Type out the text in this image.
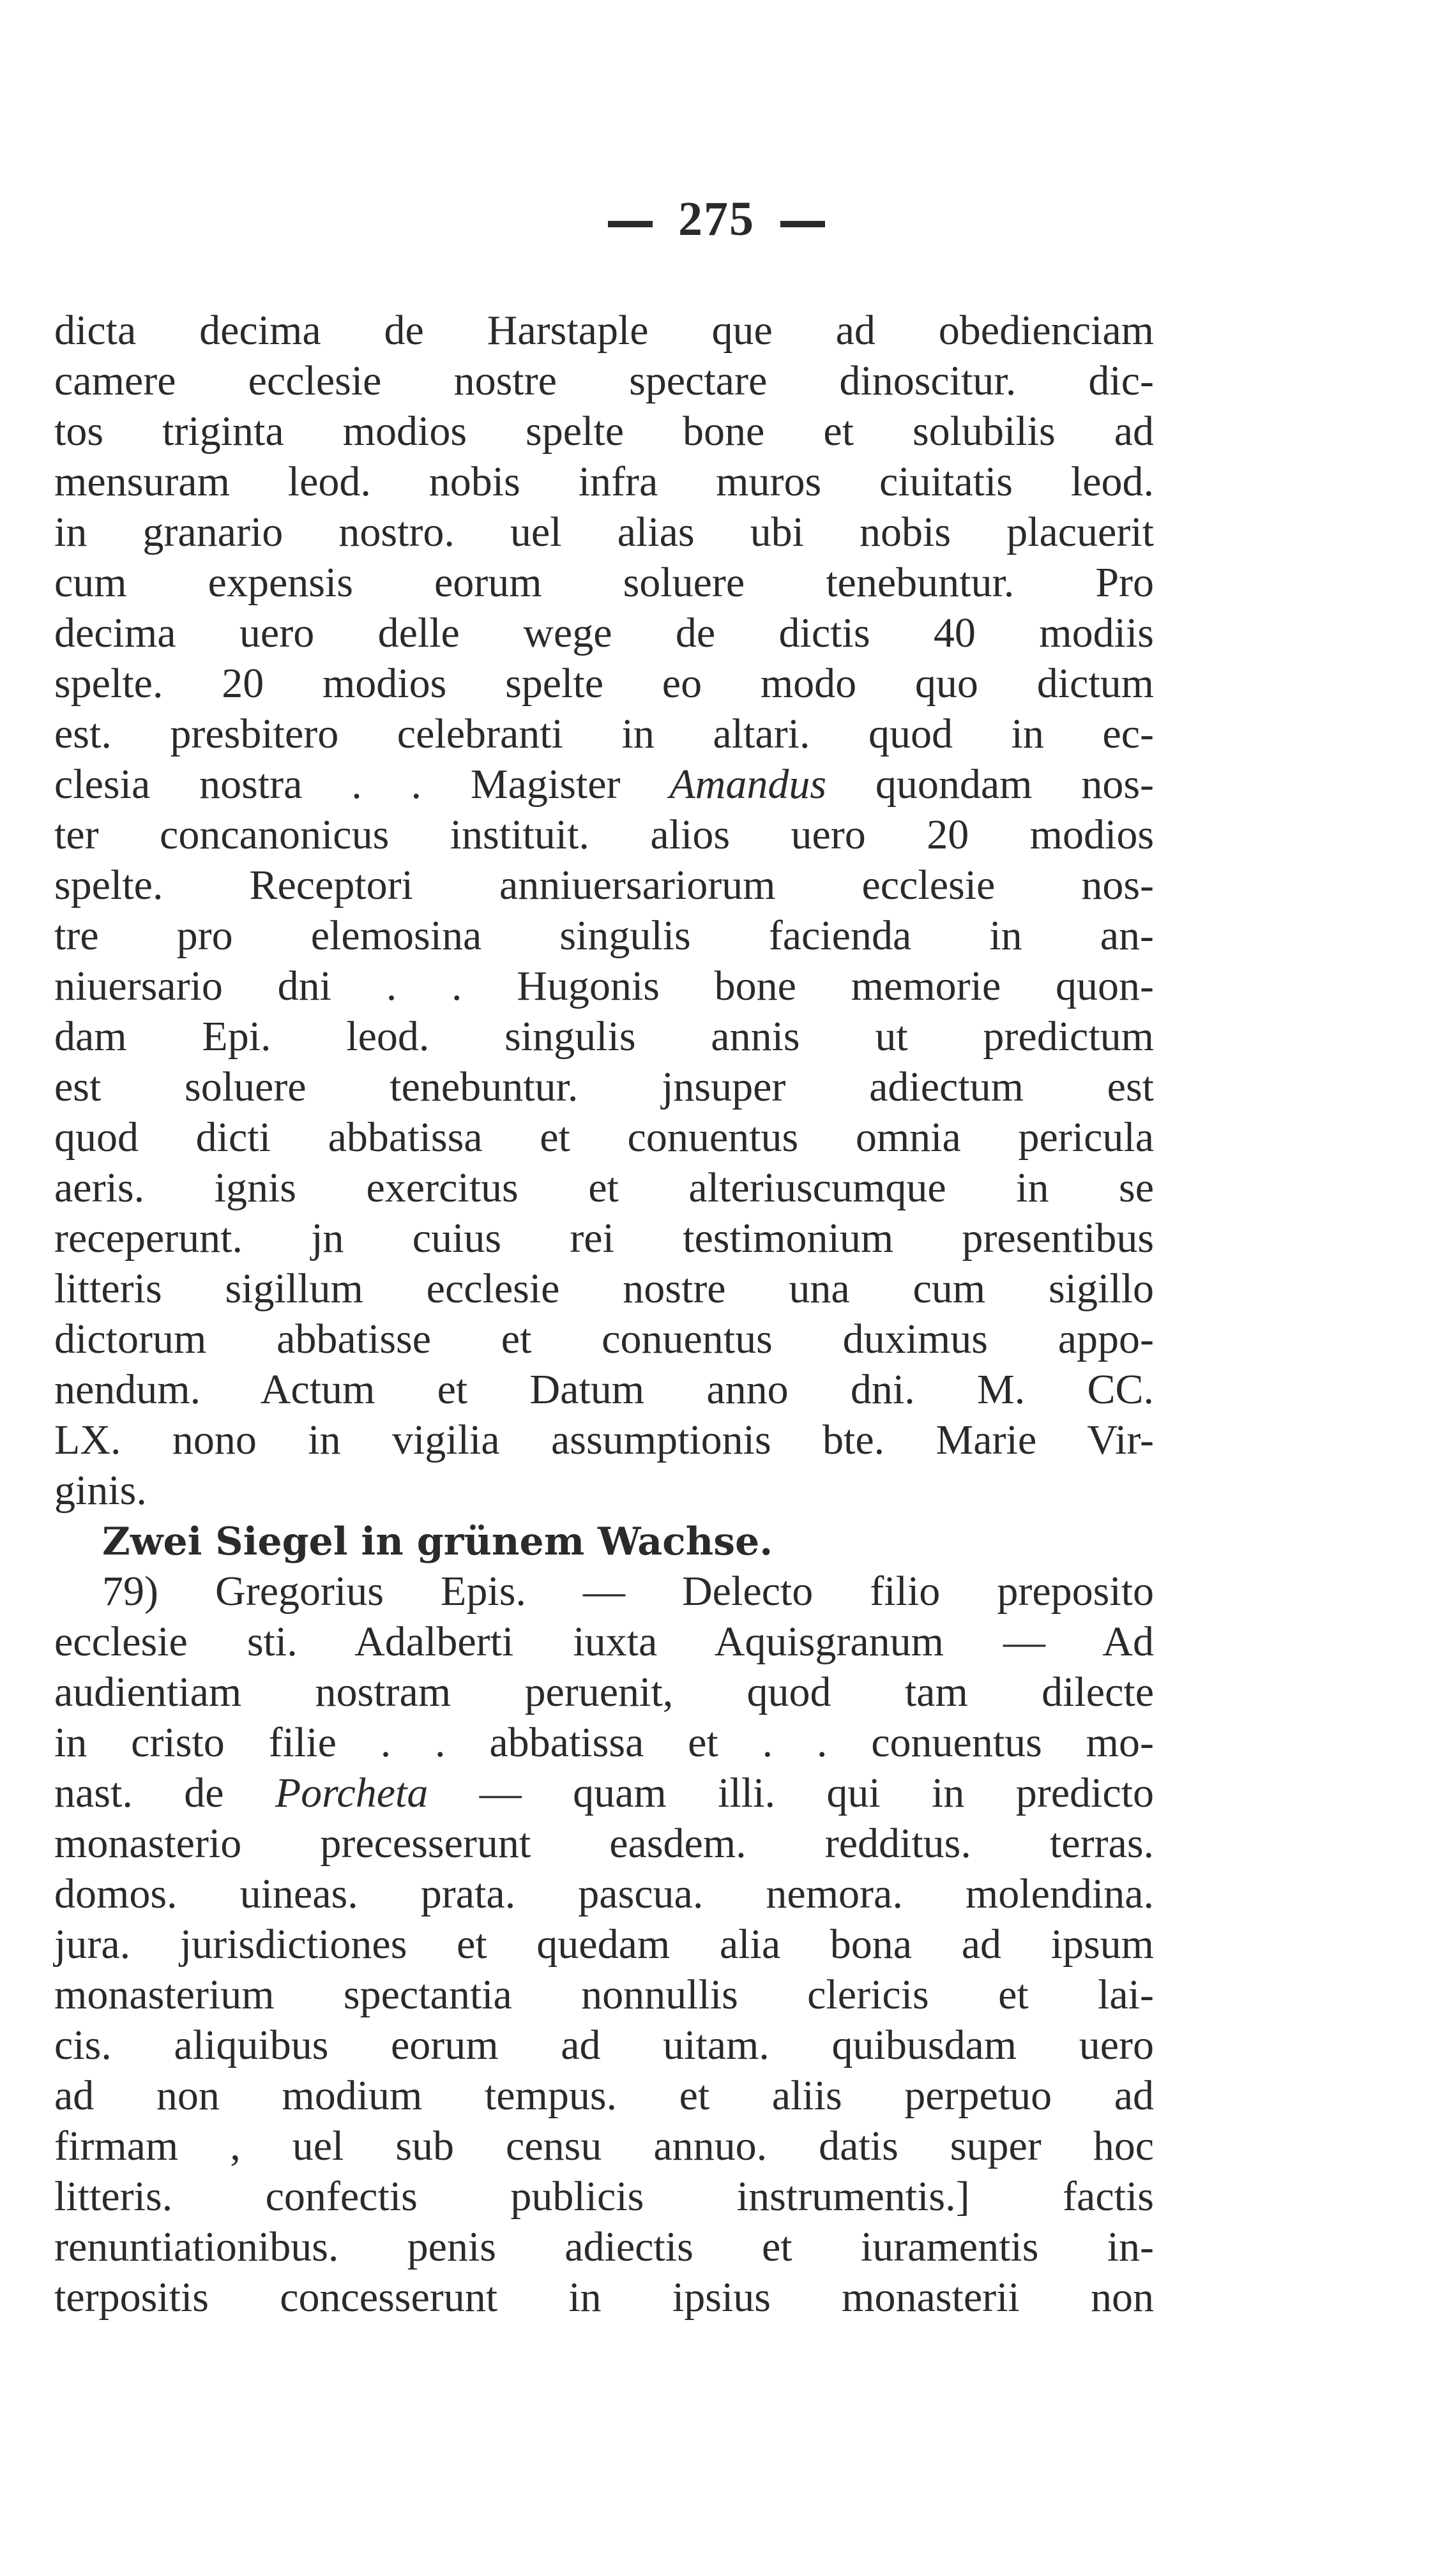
275
dicta decima de Harstaple que ad obedienciam
camere ecclesie nostre spectare dinoscitur. dic-
tos triginta modios spelte bone et solubilis ad
mensuram leod. nobis infra muros ciuitatis leod.
in granario nostro. uel alias ubi nobis placuerit
cum expensis eorum soluere tenebuntur. Pro
decima uero delle wege de dictis 40 modiis
spelte. 20 modios spelte eo modo quo dictum
est. presbitero celebranti in altari. quod in ec-
clesia nostra . . Magister Amandus quondam nos-
ter concanonicus instituit. alios uero 20 modios
spelte. Receptori anniuersariorum ecclesie nos-
tre pro elemosina singulis facienda in an-
niuersario dni . . Hugonis bone memorie quon-
dam Epi. leod. singulis annis ut predictum
est soluere tenebuntur. jnsuper adiectum est
quod dicti abbatissa et conuentus omnia pericula
aeris. ignis exercitus et alteriuscumque in se
receperunt. jn cuius rei testimonium presentibus
litteris sigillum ecclesie nostre una cum sigillo
dictorum abbatisse et conuentus duximus appo-
nendum. Actum et Datum anno dni. M. CC.
LX. nono in vigilia assumptionis bte. Marie Vir-
ginis.
Zwei Siegel in grünem Wachse.
79) Gregorius Epis. — Delecto filio preposito
ecclesie sti. Adalberti iuxta Aquisgranum — Ad
audientiam nostram peruenit, quod tam dilecte
in cristo filie . . abbatissa et . . conuentus mo-
nast. de Porcheta — quam illi. qui in predicto
monasterio precesserunt easdem. redditus. terras.
domos. uineas. prata. pascua. nemora. molendina.
jura. jurisdictiones et quedam alia bona ad ipsum
monasterium spectantia nonnullis clericis et lai-
cis. aliquibus eorum ad uitam. quibusdam uero
ad non modium tempus. et aliis perpetuo ad
firmam , uel sub censu annuo. datis super hoc
litteris. confectis publicis instrumentis.] factis
renuntiationibus. penis adiectis et iuramentis in-
terpositis concesserunt in ipsius monasterii non
